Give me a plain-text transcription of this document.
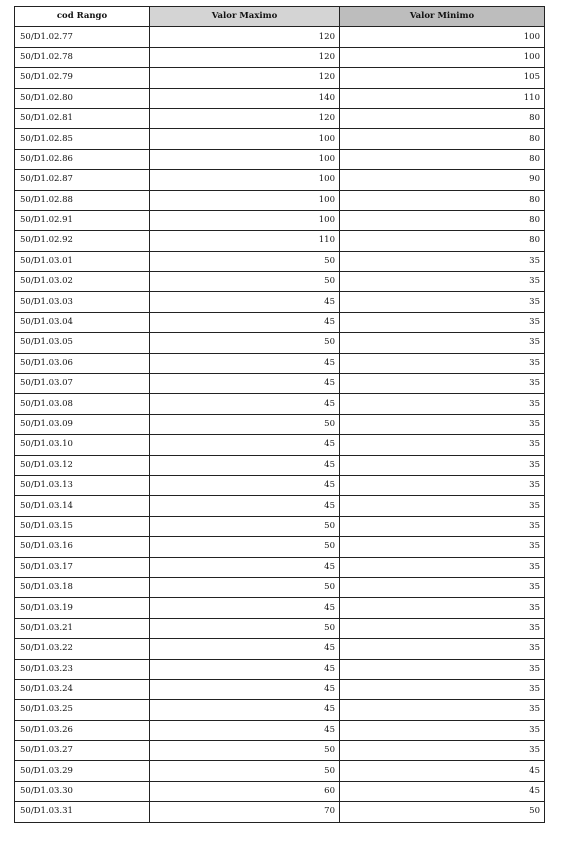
cod Rango	Valor Maximo	Valor Minimo
50/D1.02.77	120	100
50/D1.02.78	120	100
50/D1.02.79	120	105
50/D1.02.80	140	110
50/D1.02.81	120	80
50/D1.02.85	100	80
50/D1.02.86	100	80
50/D1.02.87	100	90
50/D1.02.88	100	80
50/D1.02.91	100	80
50/D1.02.92	110	80
50/D1.03.01	50	35
50/D1.03.02	50	35
50/D1.03.03	45	35
50/D1.03.04	45	35
50/D1.03.05	50	35
50/D1.03.06	45	35
50/D1.03.07	45	35
50/D1.03.08	45	35
50/D1.03.09	50	35
50/D1.03.10	45	35
50/D1.03.12	45	35
50/D1.03.13	45	35
50/D1.03.14	45	35
50/D1.03.15	50	35
50/D1.03.16	50	35
50/D1.03.17	45	35
50/D1.03.18	50	35
50/D1.03.19	45	35
50/D1.03.21	50	35
50/D1.03.22	45	35
50/D1.03.23	45	35
50/D1.03.24	45	35
50/D1.03.25	45	35
50/D1.03.26	45	35
50/D1.03.27	50	35
50/D1.03.29	50	45
50/D1.03.30	60	45
50/D1.03.31	70	50
